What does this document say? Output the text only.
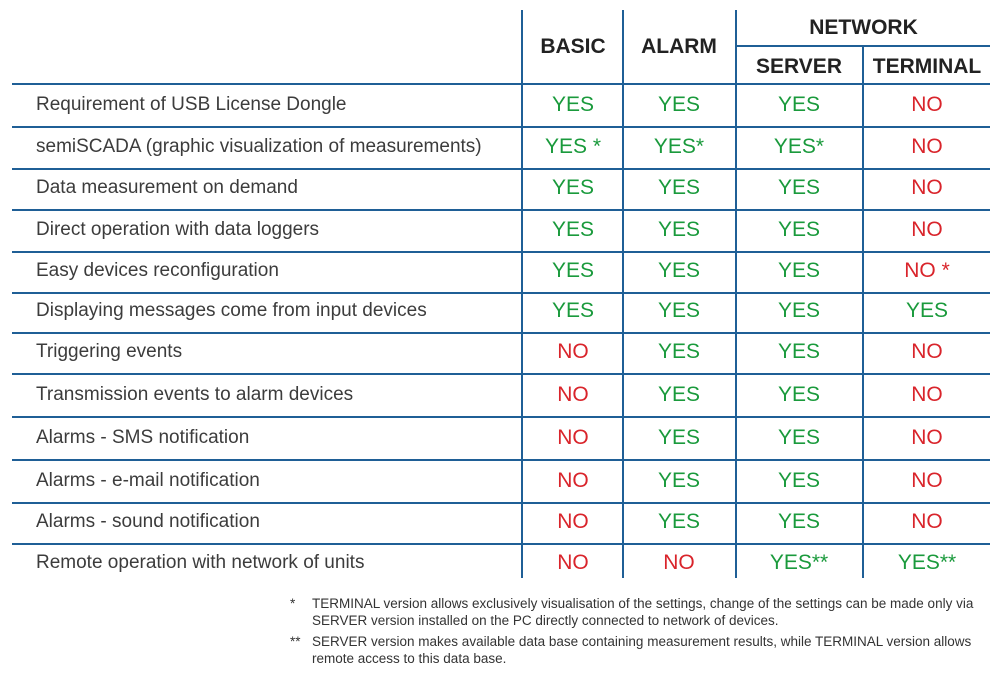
BASIC	ALARM
NETWORK
SERVER	TERMINAL
Requirement of USB License Dongle	YES	YES	YES	NO
semiSCADA (graphic visualization of measurements)	YES *	YES*	YES*	NO
Data measurement on demand	YES	YES	YES	NO
Direct operation with data loggers	YES	YES	YES	NO
Easy devices reconfiguration	YES	YES	YES	NO *
Displaying messages come from input devices	YES	YES	YES	YES
Triggering events	NO	YES	YES	NO
Transmission events to alarm devices	NO	YES	YES	NO
Alarms - SMS notification	NO	YES	YES	NO
Alarms - e-mail notification	NO	YES	YES	NO
Alarms - sound notification	NO	YES	YES	NO
Remote operation with network of units	NO	NO	YES**	YES**
* TERMINAL version allows exclusively visualisation of the settings, change of the settings can be made only via SERVER version installed on the PC directly connected to network of devices.
** SERVER version makes available data base containing measurement results, while TERMINAL version allows remote access to this data base.
